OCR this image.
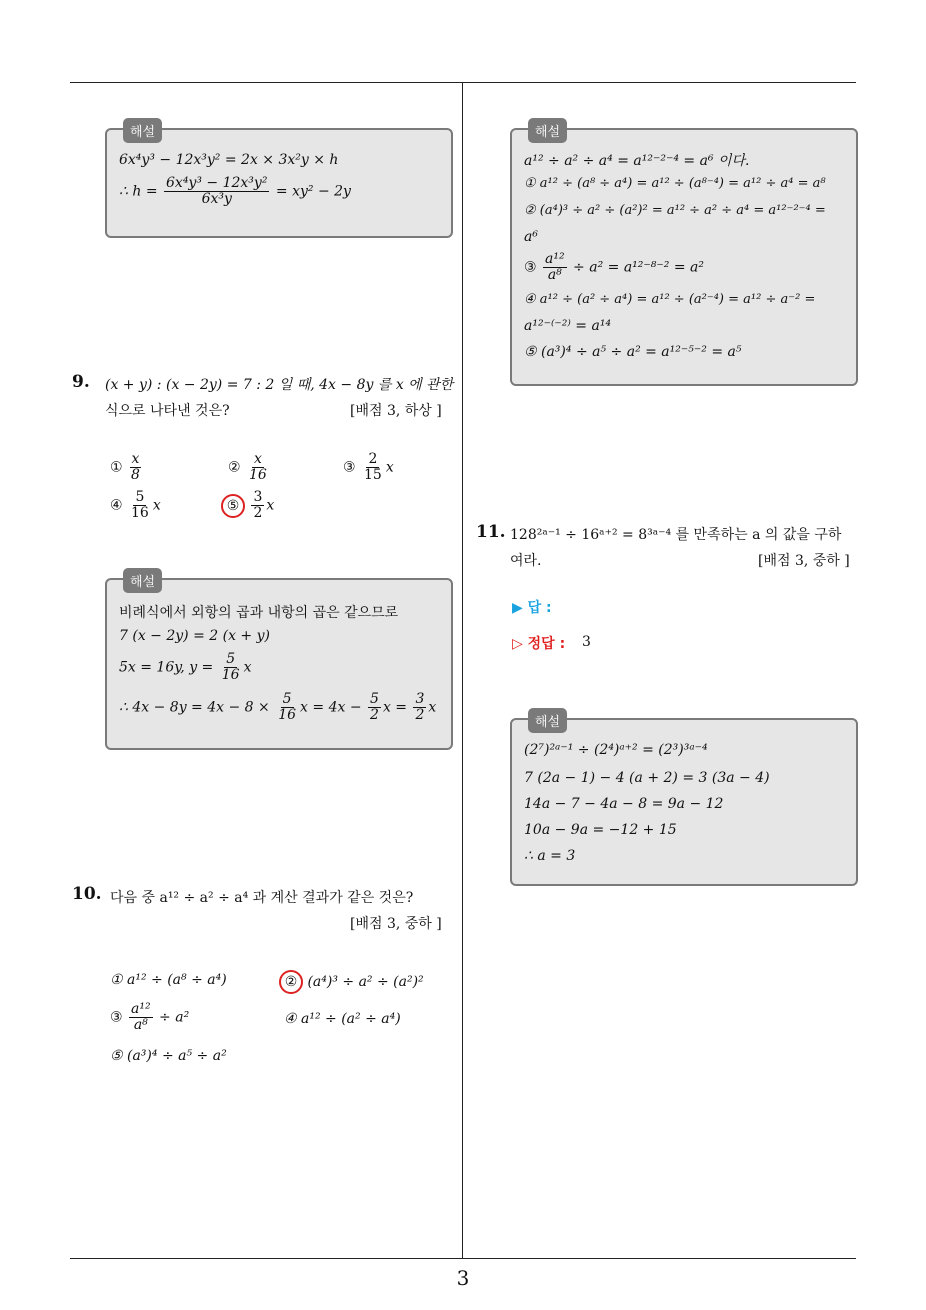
해설
6x⁴y³ − 12x³y² = 2x × 3x²y × h
∴ $h = \frac{\text{6x⁴y³ − 12x³y²}}{\text{6x³y}} = xy^2 - 2y$
9. (x + y) : (x − 2y) = 7 : 2 일 때, 4x − 8y 를 x 에 관한
식으로 나타낸 것은?	[배점 3, 하상 ]
① $\frac{x}{8}$	② $\frac{x}{16}$	③ $\frac{2}{15}$ x
④ $\frac{5}{16}$ x	⑤ $\frac{3}{2}$ x
해설
비례식에서 외항의 곱과 내항의 곱은 같으므로
7 (x − 2y) = 2 (x + y)
5x = 16y, $y = \frac{5}{16}$ x
∴ $4x - 8y = 4x - 8 \times \frac{5}{16}$ $x = 4x - \frac{5}{2}$ $x = \frac{3}{2}$ x
10. 다음 중 a¹² ÷ a² ÷ a⁴ 과 계산 결과가 같은 것은?
[배점 3, 중하 ]
① a¹² ÷ (a⁸ ÷ a⁴)	② (a⁴)³ ÷ a² ÷ (a²)²
③ $\frac{\text{a¹²}}{\text{a⁸}} \div a^2$	④ a¹² ÷ (a² ÷ a⁴)
⑤ (a³)⁴ ÷ a⁵ ÷ a²
해설
a¹² ÷ a² ÷ a⁴ = a¹²⁻²⁻⁴ = a⁶ 이다.
① a¹² ÷ (a⁸ ÷ a⁴) = a¹² ÷ (a⁸⁻⁴) = a¹² ÷ a⁴ = a⁸
② (a⁴)³ ÷ a² ÷ (a²)² = a¹² ÷ a² ÷ a⁴ = a¹²⁻²⁻⁴ =
a⁶
③ $\frac{\text{a¹²}}{\text{a⁸}} \div a^2 = a^{12-8-2} = a^2$
④ a¹² ÷ (a² ÷ a⁴) = a¹² ÷ (a²⁻⁴) = a¹² ÷ a⁻² =
a¹²⁻⁽⁻²⁾ = a¹⁴
⑤ (a³)⁴ ÷ a⁵ ÷ a² = a¹²⁻⁵⁻² = a⁵
11. 128²ᵃ⁻¹ ÷ 16ᵃ⁺² = 8³ᵃ⁻⁴ 를 만족하는 a 의 값을 구하
여라.	[배점 3, 중하 ]
▶ 답 :
▷ 정답 : 3
해설
(2⁷)²ᵃ⁻¹ ÷ (2⁴)ᵃ⁺² = (2³)³ᵃ⁻⁴
7 (2a − 1) − 4 (a + 2) = 3 (3a − 4)
14a − 7 − 4a − 8 = 9a − 12
10a − 9a = −12 + 15
∴ a = 3
3
